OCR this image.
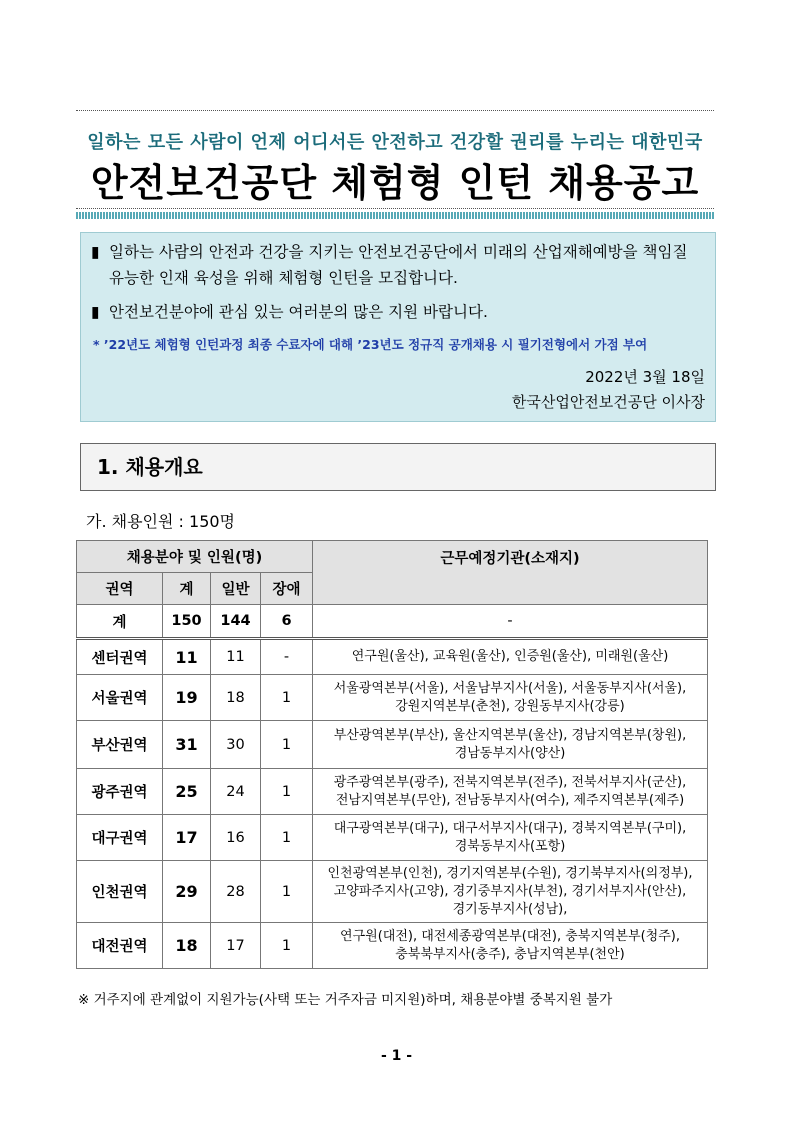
일하는 모든 사람이 언제 어디서든 안전하고 건강할 권리를 누리는 대한민국
안전보건공단 체험형 인턴 채용공고
▮ 일하는 사람의 안전과 건강을 지키는 안전보건공단에서 미래의 산업재해예방을 책임질
유능한 인재 육성을 위해 체험형 인턴을 모집합니다.
▮ 안전보건분야에 관심 있는 여러분의 많은 지원 바랍니다.
* ’22년도 체험형 인턴과정 최종 수료자에 대해 ’23년도 정규직 공개채용 시 필기전형에서 가점 부여
2022년 3월 18일
한국산업안전보건공단 이사장
1. 채용개요
가. 채용인원 : 150명
채용분야 및 인원(명)				근무예정기관(소재지)
권역	계	일반	장애	
계	150	144	6	-
센터권역	11	11	-	연구원(울산), 교육원(울산), 인증원(울산), 미래원(울산)
서울권역	19	18	1	서울광역본부(서울), 서울남부지사(서울), 서울동부지사(서울),
강원지역본부(춘천), 강원동부지사(강릉)
부산권역	31	30	1	부산광역본부(부산), 울산지역본부(울산), 경남지역본부(창원),
경남동부지사(양산)
광주권역	25	24	1	광주광역본부(광주), 전북지역본부(전주), 전북서부지사(군산),
전남지역본부(무안), 전남동부지사(여수), 제주지역본부(제주)
대구권역	17	16	1	대구광역본부(대구), 대구서부지사(대구), 경북지역본부(구미),
경북동부지사(포항)
인천권역	29	28	1	인천광역본부(인천), 경기지역본부(수원), 경기북부지사(의정부),
고양파주지사(고양), 경기중부지사(부천), 경기서부지사(안산),
경기동부지사(성남),
대전권역	18	17	1	연구원(대전), 대전세종광역본부(대전), 충북지역본부(청주),
충북북부지사(충주), 충남지역본부(천안)
※ 거주지에 관계없이 지원가능(사택 또는 거주자금 미지원)하며, 채용분야별 중복지원 불가
- 1 -
